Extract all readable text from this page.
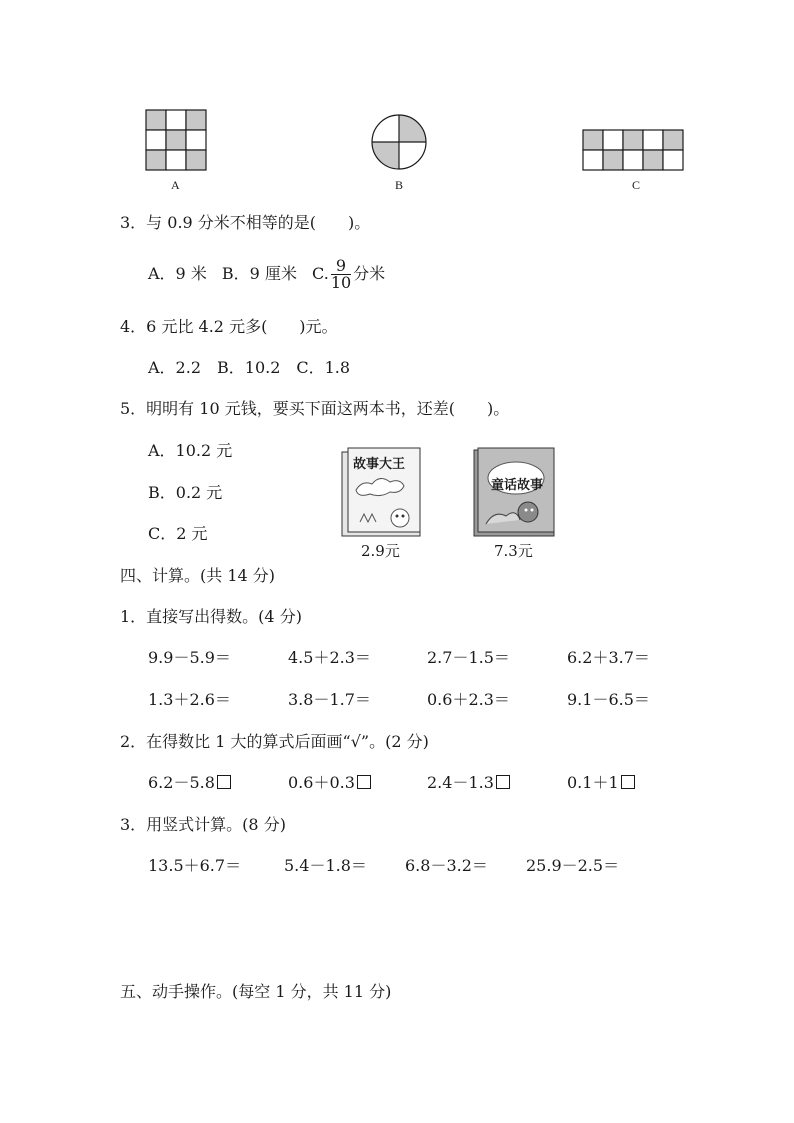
A	B	C
3．与 0.9 分米不相等的是(　　)。
A．9 米 B．9 厘米 C. $\frac{9}{10}$ 分米
4．6 元比 4.2 元多(　　)元。
A．2.2　B．10.2　C．1.8
5．明明有 10 元钱，要买下面这两本书，还差(　　)。
A．10.2 元
B．0.2 元
C．2 元
故事大王
2.9元
童话故事
7.3元
四、计算。(共 14 分)
1．直接写出得数。(4 分)
9.9－5.9＝	4.5＋2.3＝	2.7－1.5＝	6.2＋3.7＝
1.3＋2.6＝	3.8－1.7＝	0.6＋2.3＝	9.1－6.5＝
2．在得数比 1 大的算式后面画“√”。(2 分)
6.2－5.8	0.6＋0.3	2.4－1.3	0.1＋1
3．用竖式计算。(8 分)
13.5＋6.7＝	5.4－1.8＝ 6.8－3.2＝ 25.9－2.5＝
五、动手操作。(每空 1 分，共 11 分)
